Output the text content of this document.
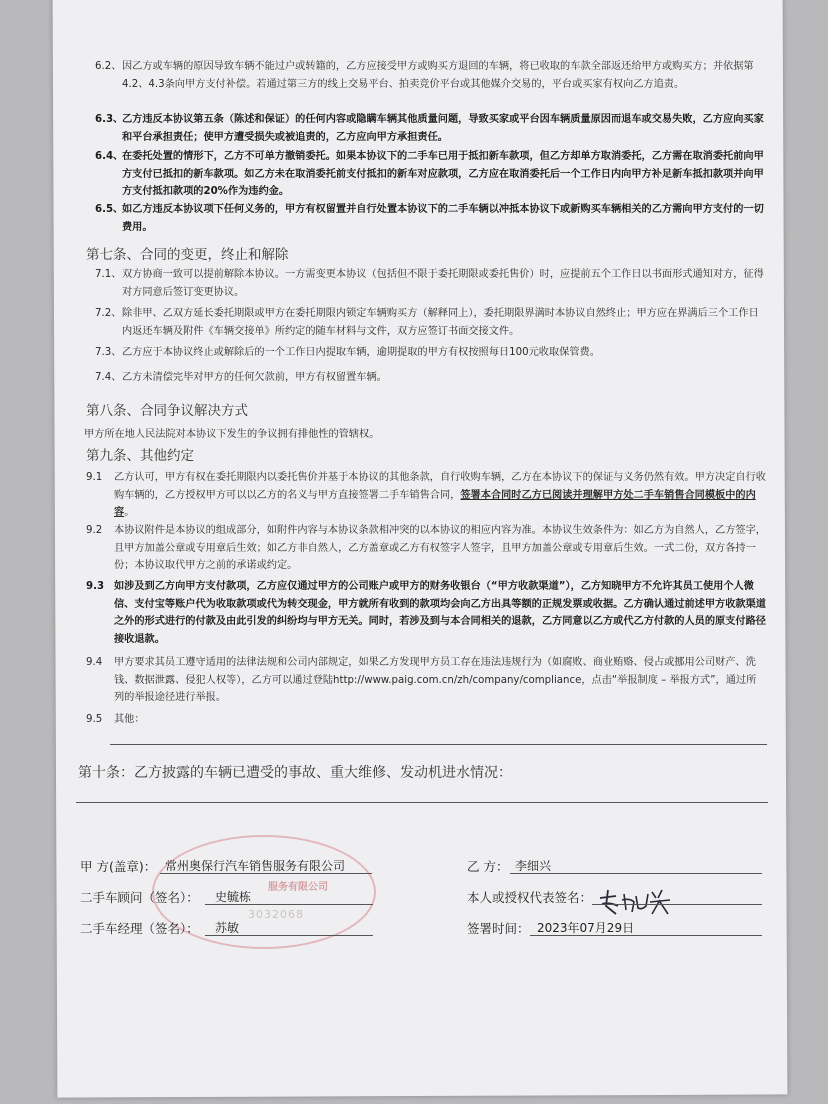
6.2、 因乙方或车辆的原因导致车辆不能过户或转籍的，乙方应接受甲方或购买方退回的车辆，将已收取的车款全部返还给甲方或购买方；并依据第4.2、4.3条向甲方支付补偿。若通过第三方的线上交易平台、拍卖竞价平台或其他媒介交易的，平台或买家有权向乙方追责。
6.3、
乙方违反本协议第五条（陈述和保证）的任何内容或隐瞒车辆其他质量问题，导致买家或平台因车辆质量原因而退车或交易失败，乙方应向买家和平台承担责任；使甲方遭受损失或被追责的，乙方应向甲方承担责任。
6.4、
在委托处置的情形下，乙方不可单方撤销委托。如果本协议下的二手车已用于抵扣新车款项，但乙方却单方取消委托，乙方需在取消委托前向甲方支付已抵扣的新车款项。如乙方未在取消委托前支付抵扣的新车对应款项，乙方应在取消委托后一个工作日内向甲方补足新车抵扣款项并向甲方支付抵扣款项的20%作为违约金。
6.5、
如乙方违反本协议项下任何义务的，甲方有权留置并自行处置本协议下的二手车辆以冲抵本协议下或新购买车辆相关的乙方需向甲方支付的一切费用。
第七条、合同的变更，终止和解除
7.1、 双方协商一致可以提前解除本协议。一方需变更本协议（包括但不限于委托期限或委托售价）时，应提前五个工作日以书面形式通知对方，征得对方同意后签订变更协议。
7.2、 除非甲、乙双方延长委托期限或甲方在委托期限内锁定车辆购买方（解释同上），委托期限界满时本协议自然终止；甲方应在界满后三个工作日内返还车辆及附件《车辆交接单》所约定的随车材料与文件，双方应签订书面交接文件。
7.3、 乙方应于本协议终止或解除后的一个工作日内提取车辆，逾期提取的甲方有权按照每日100元收取保管费。
7.4、 乙方未清偿完毕对甲方的任何欠款前，甲方有权留置车辆。
第八条、合同争议解决方式
甲方所在地人民法院对本协议下发生的争议拥有排他性的管辖权。
第九条、其他约定
9.1 乙方认可，甲方有权在委托期限内以委托售价并基于本协议的其他条款，自行收购车辆，乙方在本协议下的保证与义务仍然有效。甲方决定自行收购车辆的，乙方授权甲方可以以乙方的名义与甲方直接签署二手车销售合同，签署本合同时乙方已阅读并理解甲方处二手车销售合同模板中的内容。
9.2 本协议附件是本协议的组成部分，如附件内容与本协议条款相冲突的以本协议的相应内容为准。本协议生效条件为：如乙方为自然人，乙方签字，且甲方加盖公章或专用章后生效；如乙方非自然人，乙方盖章或乙方有权签字人签字，且甲方加盖公章或专用章后生效。一式二份，双方各持一份；本协议取代甲方之前的承诺或约定。
9.3 如涉及到乙方向甲方支付款项，乙方应仅通过甲方的公司账户或甲方的财务收银台（“甲方收款渠道”），乙方知晓甲方不允许其员工使用个人微信、支付宝等账户代为收取款项或代为转交现金，甲方就所有收到的款项均会向乙方出具等额的正规发票或收据。乙方确认通过前述甲方收款渠道之外的形式进行的付款及由此引发的纠纷均与甲方无关。同时，若涉及到与本合同相关的退款，乙方同意以乙方或代乙方付款的人员的原支付路径接收退款。
9.4 甲方要求其员工遵守适用的法律法规和公司内部规定，如果乙方发现甲方员工存在违法违规行为（如腐败、商业贿赂、侵占或挪用公司财产、洗钱、数据泄露、侵犯人权等），乙方可以通过登陆http://www.paig.com.cn/zh/company/compliance，点击“举报制度 – 举报方式”，通过所列的举报途径进行举报。
9.5 其他：
第十条：乙方披露的车辆已遭受的事故、重大维修、发动机进水情况：
服务有限公司
3032068
甲 方(盖章)： 常州奥保行汽车销售服务有限公司
二手车顾问（签名）： 史毓栋
二手车经理（签名）： 苏敏
乙 方： 李细兴
本人或授权代表签名：
签署时间： 2023年07月29日
